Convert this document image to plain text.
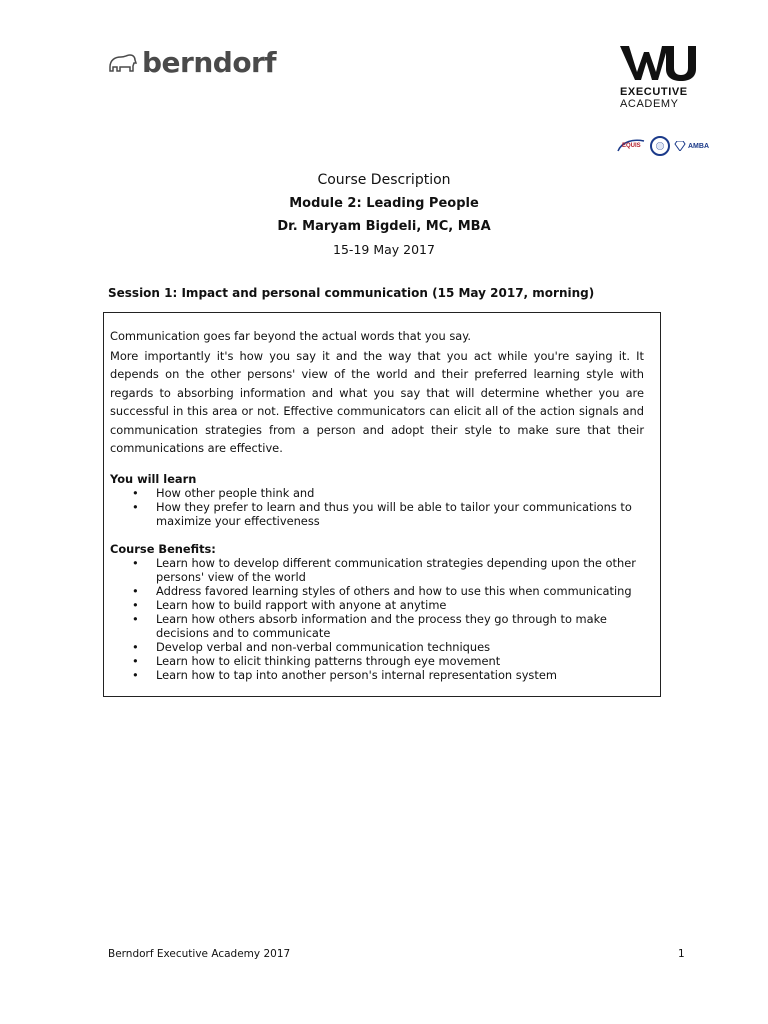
berndorf
EXECUTIVE
ACADEMY
EQUIS	AMBA
Course Description
Module 2: Leading People
Dr. Maryam Bigdeli, MC, MBA
15-19 May 2017
Session 1: Impact and personal communication (15 May 2017, morning)

Communication goes far beyond the actual words that you say.

More importantly it's how you say it and the way that you act while you're saying it. It depends on the other persons' view of the world and their preferred learning style with regards to absorbing information and what you say that will determine whether you are successful in this area or not. Effective communicators can elicit all of the action signals and communication strategies from a person and adopt their style to make sure that their communications are effective.

You will learn
• How other people think and
• How they prefer to learn and thus you will be able to tailor your communications to maximize your effectiveness
Course Benefits:
• Learn how to develop different communication strategies depending upon the other persons' view of the world
• Address favored learning styles of others and how to use this when communicating
• Learn how to build rapport with anyone at anytime
• Learn how others absorb information and the process they go through to make decisions and to communicate
• Develop verbal and non-verbal communication techniques
• Learn how to elicit thinking patterns through eye movement
• Learn how to tap into another person's internal representation system
Berndorf Executive Academy 2017	1
